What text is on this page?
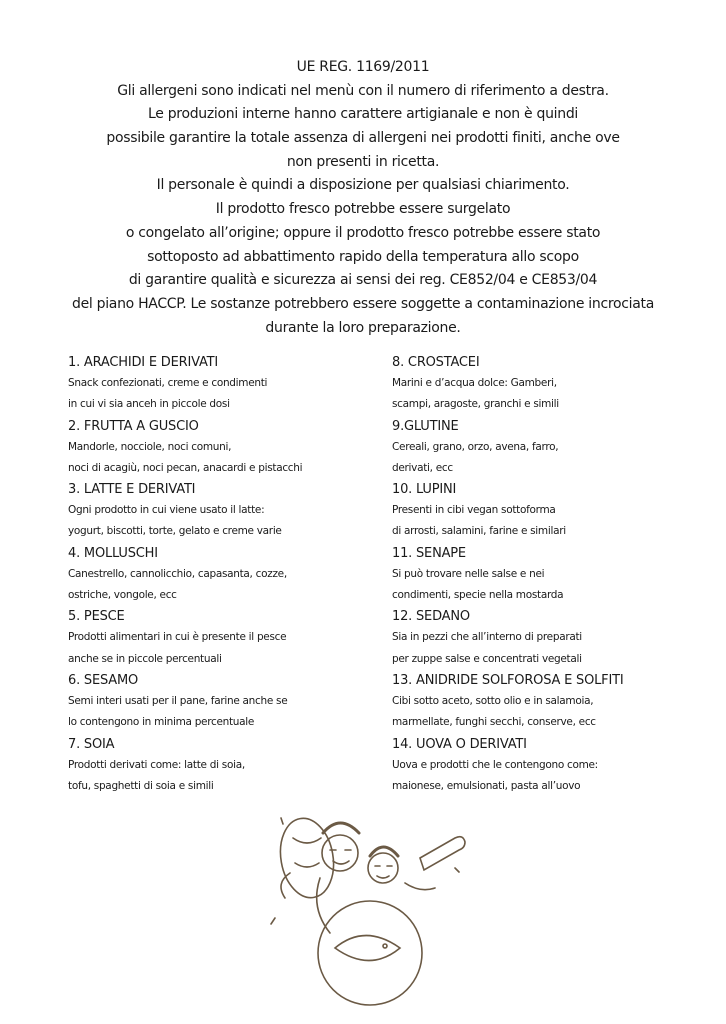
UE REG. 1169/2011
Gli allergeni sono indicati nel menù con il numero di riferimento a destra.
Le produzioni interne hanno carattere artigianale e non è quindi
possibile garantire la totale assenza di allergeni nei prodotti finiti, anche ove
non presenti in ricetta.
Il personale è quindi a disposizione per qualsiasi chiarimento.
Il prodotto fresco potrebbe essere surgelato
o congelato all’origine; oppure il prodotto fresco potrebbe essere stato
sottoposto ad abbattimento rapido della temperatura allo scopo
di garantire qualità e sicurezza ai sensi dei reg. CE852/04 e CE853/04
del piano HACCP. Le sostanze potrebbero essere soggette a contaminazione incrociata
durante la loro preparazione.
1. ARACHIDI E DERIVATI
Snack confezionati, creme e condimenti
in cui vi sia anceh in piccole dosi
2. FRUTTA A GUSCIO
Mandorle, nocciole, noci comuni,
noci di acagiù, noci pecan, anacardi e pistacchi
3. LATTE E DERIVATI
Ogni prodotto in cui viene usato il latte:
yogurt, biscotti, torte, gelato e creme varie
4. MOLLUSCHI
Canestrello, cannolicchio, capasanta, cozze,
ostriche, vongole, ecc
5. PESCE
Prodotti alimentari in cui è presente il pesce
anche se in piccole percentuali
6. SESAMO
Semi interi usati per il pane, farine anche se
lo contengono in minima percentuale
7. SOIA
Prodotti derivati come: latte di soia,
tofu, spaghetti di soia e simili
8. CROSTACEI
Marini e d’acqua dolce: Gamberi,
scampi, aragoste, granchi e simili
9.GLUTINE
Cereali, grano, orzo, avena, farro,
derivati, ecc
10. LUPINI
Presenti in cibi vegan sottoforma
di arrosti, salamini, farine e similari
11. SENAPE
Si può trovare nelle salse e nei
condimenti, specie nella mostarda
12. SEDANO
Sia in pezzi che all’interno di preparati
per zuppe salse e concentrati vegetali
13. ANIDRIDE SOLFOROSA E SOLFITI
Cibi sotto aceto, sotto olio e in salamoia,
marmellate, funghi secchi, conserve, ecc
14. UOVA O DERIVATI
Uova e prodotti che le contengono come:
maionese, emulsionati, pasta all’uovo
